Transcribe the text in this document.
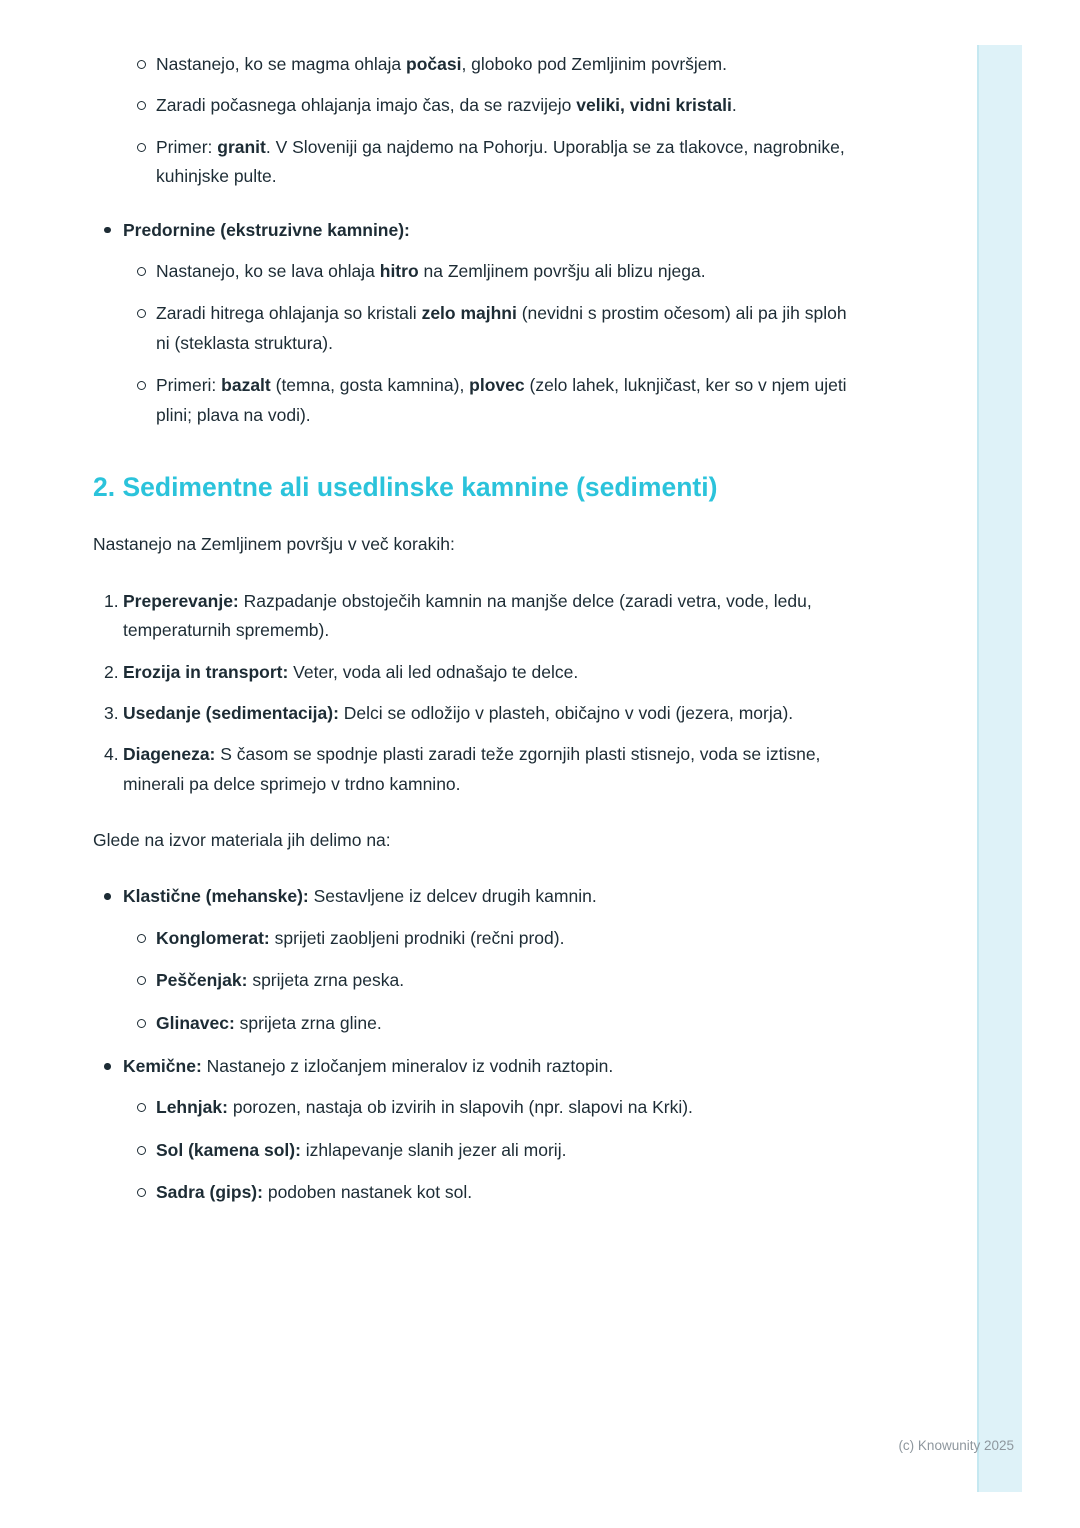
Nastanejo, ko se magma ohlaja počasi, globoko pod Zemljinim površjem.
Zaradi počasnega ohlajanja imajo čas, da se razvijejo veliki, vidni kristali.
Primer: granit. V Sloveniji ga najdemo na Pohorju. Uporablja se za tlakovce, nagrobnike, kuhinjske pulte.
Predornine (ekstruzivne kamnine):
Nastanejo, ko se lava ohlaja hitro na Zemljinem površju ali blizu njega.
Zaradi hitrega ohlajanja so kristali zelo majhni (nevidni s prostim očesom) ali pa jih sploh ni (steklasta struktura).
Primeri: bazalt (temna, gosta kamnina), plovec (zelo lahek, luknjičast, ker so v njem ujeti plini; plava na vodi).
2. Sedimentne ali usedlinske kamnine (sedimenti)

Nastanejo na Zemljinem površju v več korakih:

Preperevanje: Razpadanje obstoječih kamnin na manjše delce (zaradi vetra, vode, ledu, temperaturnih sprememb).
Erozija in transport: Veter, voda ali led odnašajo te delce.
Usedanje (sedimentacija): Delci se odložijo v plasteh, običajno v vodi (jezera, morja).
Diageneza: S časom se spodnje plasti zaradi teže zgornjih plasti stisnejo, voda se iztisne, minerali pa delce sprimejo v trdno kamnino.

Glede na izvor materiala jih delimo na:

Klastične (mehanske): Sestavljene iz delcev drugih kamnin.
Konglomerat: sprijeti zaobljeni prodniki (rečni prod).
Peščenjak: sprijeta zrna peska.
Glinavec: sprijeta zrna gline.
Kemične: Nastanejo z izločanjem mineralov iz vodnih raztopin.
Lehnjak: porozen, nastaja ob izvirih in slapovih (npr. slapovi na Krki).
Sol (kamena sol): izhlapevanje slanih jezer ali morij.
Sadra (gips): podoben nastanek kot sol.
(c) Knowunity 2025
